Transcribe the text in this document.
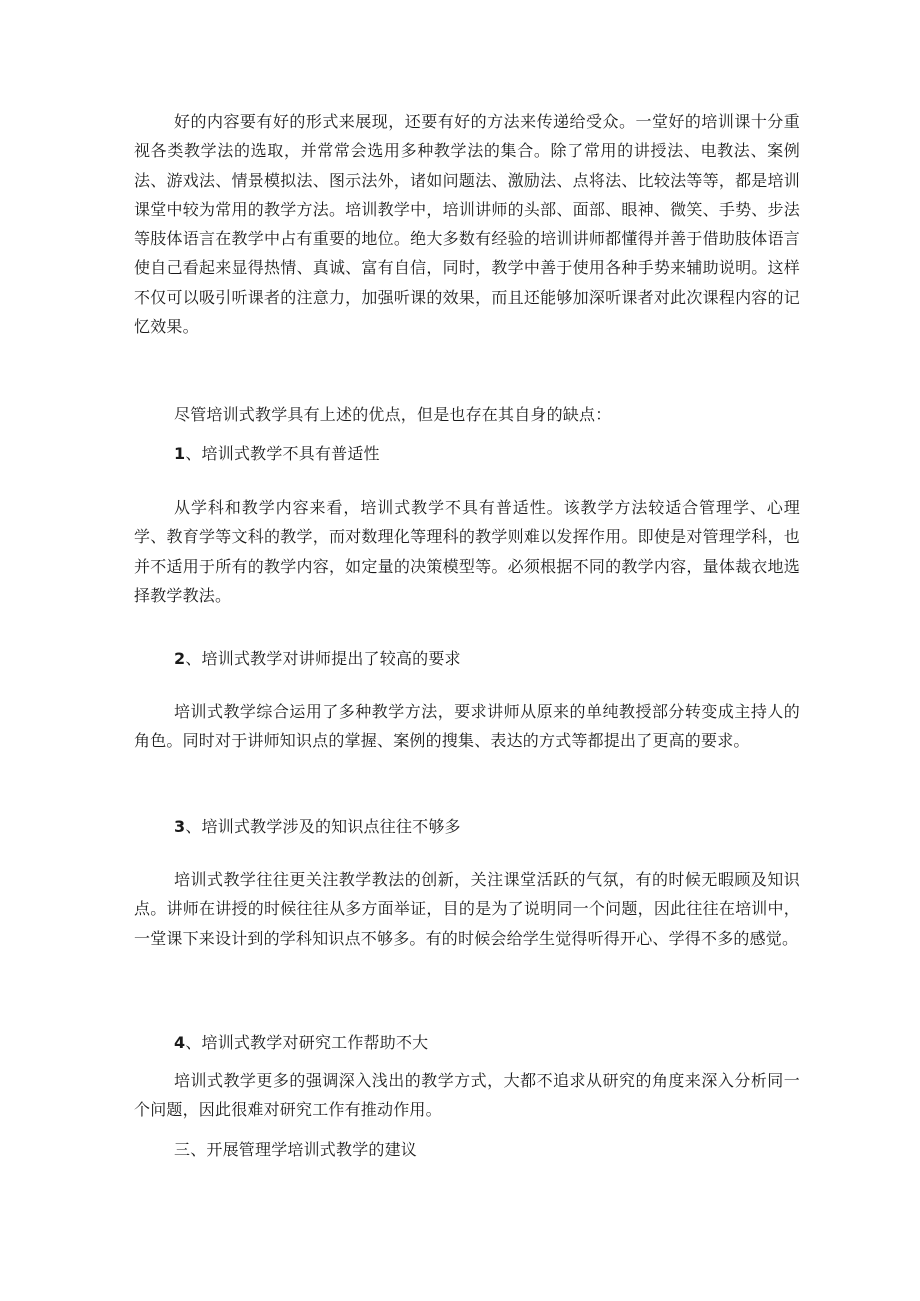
好的内容要有好的形式来展现，还要有好的方法来传递给受众。一堂好的培训课十分重视各类教学法的选取，并常常会选用多种教学法的集合。除了常用的讲授法、电教法、案例法、游戏法、情景模拟法、图示法外，诸如问题法、激励法、点将法、比较法等等，都是培训课堂中较为常用的教学方法。培训教学中，培训讲师的头部、面部、眼神、微笑、手势、步法等肢体语言在教学中占有重要的地位。绝大多数有经验的培训讲师都懂得并善于借助肢体语言使自己看起来显得热情、真诚、富有自信，同时，教学中善于使用各种手势来辅助说明。这样不仅可以吸引听课者的注意力，加强听课的效果，而且还能够加深听课者对此次课程内容的记忆效果。

尽管培训式教学具有上述的优点，但是也存在其自身的缺点：

1、培训式教学不具有普适性

从学科和教学内容来看，培训式教学不具有普适性。该教学方法较适合管理学、心理学、教育学等文科的教学，而对数理化等理科的教学则难以发挥作用。即使是对管理学科，也并不适用于所有的教学内容，如定量的决策模型等。必须根据不同的教学内容，量体裁衣地选择教学教法。

2、培训式教学对讲师提出了较高的要求

培训式教学综合运用了多种教学方法，要求讲师从原来的单纯教授部分转变成主持人的角色。同时对于讲师知识点的掌握、案例的搜集、表达的方式等都提出了更高的要求。

3、培训式教学涉及的知识点往往不够多

培训式教学往往更关注教学教法的创新，关注课堂活跃的气氛，有的时候无暇顾及知识点。讲师在讲授的时候往往从多方面举证，目的是为了说明同一个问题，因此往往在培训中，一堂课下来设计到的学科知识点不够多。有的时候会给学生觉得听得开心、学得不多的感觉。

4、培训式教学对研究工作帮助不大

培训式教学更多的强调深入浅出的教学方式，大都不追求从研究的角度来深入分析同一个问题，因此很难对研究工作有推动作用。

三、开展管理学培训式教学的建议
